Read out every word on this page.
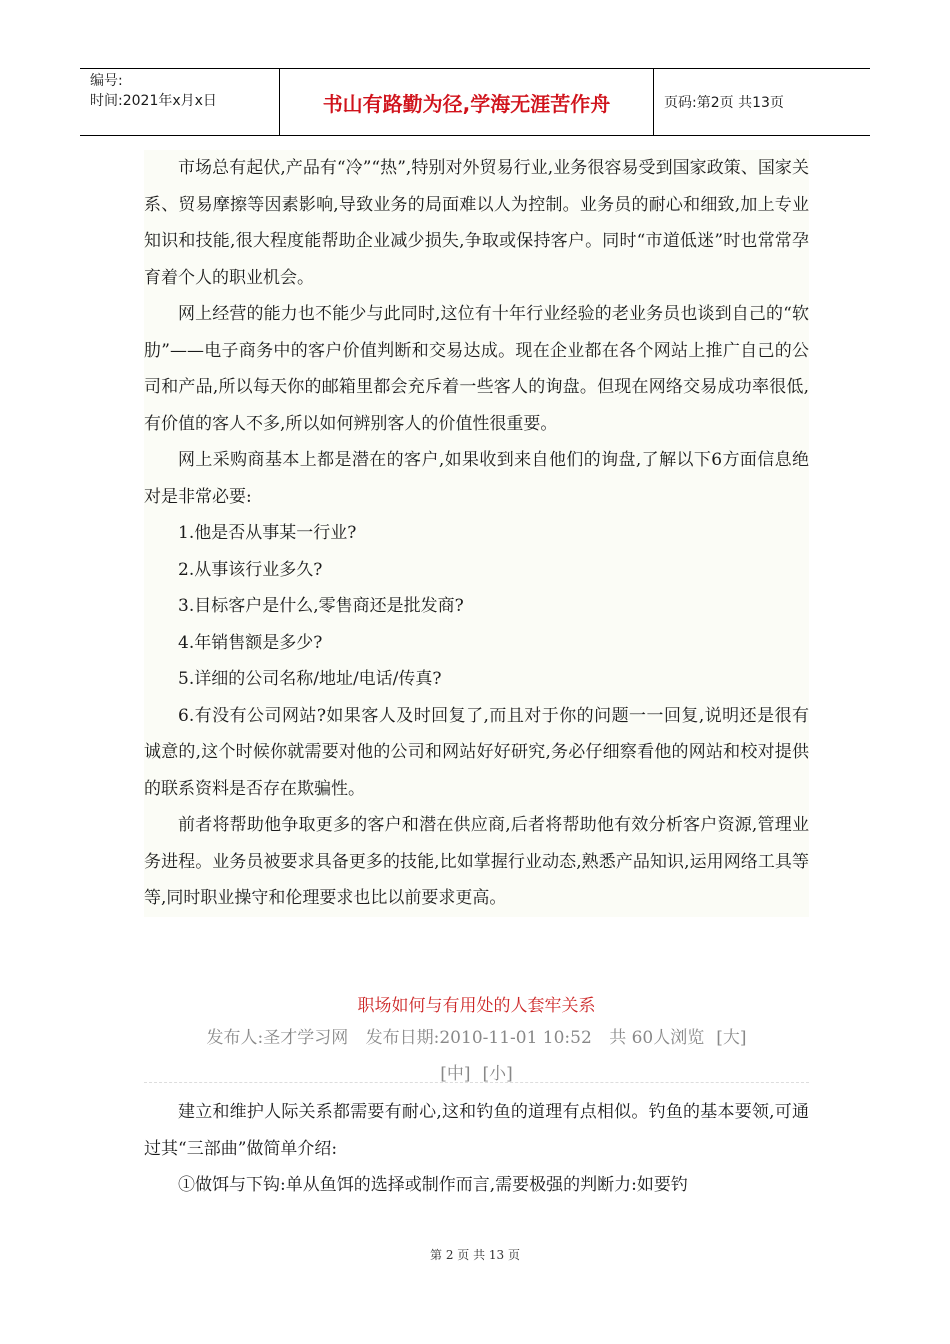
编号:
时间:2021年x月x日	书山有路勤为径,学海无涯苦作舟	页码:第2页 共13页

市场总有起伏,产品有“冷”“热”,特别对外贸易行业,业务很容易受到国家政策、国家关系、贸易摩擦等因素影响,导致业务的局面难以人为控制。业务员的耐心和细致,加上专业知识和技能,很大程度能帮助企业减少损失,争取或保持客户。同时“市道低迷”时也常常孕育着个人的职业机会。

网上经营的能力也不能少与此同时,这位有十年行业经验的老业务员也谈到自己的“软肋”——电子商务中的客户价值判断和交易达成。现在企业都在各个网站上推广自己的公司和产品,所以每天你的邮箱里都会充斥着一些客人的询盘。但现在网络交易成功率很低,有价值的客人不多,所以如何辨别客人的价值性很重要。

网上采购商基本上都是潜在的客户,如果收到来自他们的询盘,了解以下6方面信息绝对是非常必要:

1.他是否从事某一行业?

2.从事该行业多久?

3.目标客户是什么,零售商还是批发商?

4.年销售额是多少?

5.详细的公司名称/地址/电话/传真?

6.有没有公司网站?如果客人及时回复了,而且对于你的问题一一回复,说明还是很有诚意的,这个时候你就需要对他的公司和网站好好研究,务必仔细察看他的网站和校对提供的联系资料是否存在欺骗性。

前者将帮助他争取更多的客户和潜在供应商,后者将帮助他有效分析客户资源,管理业务进程。业务员被要求具备更多的技能,比如掌握行业动态,熟悉产品知识,运用网络工具等等,同时职业操守和伦理要求也比以前要求更高。

职场如何与有用处的人套牢关系
发布人:圣才学习网 发布日期:2010-11-01 10:52 共 60人浏览 [大]
[中] [小]

建立和维护人际关系都需要有耐心,这和钓鱼的道理有点相似。钓鱼的基本要领,可通过其“三部曲”做简单介绍:

①做饵与下钩:单从鱼饵的选择或制作而言,需要极强的判断力:如要钓

第 2 页 共 13 页
